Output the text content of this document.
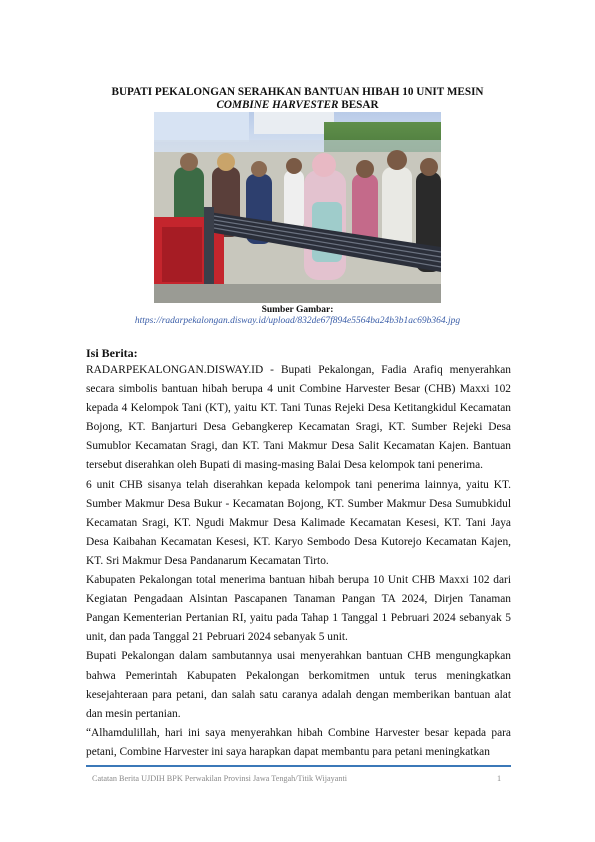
BUPATI PEKALONGAN SERAHKAN BANTUAN HIBAH 10 UNIT MESIN
COMBINE HARVESTER BESAR
Sumber Gambar:
https://radarpekalongan.disway.id/upload/832de67f894e5564ba24b3b1ac69b364.jpg
Isi Berita:

RADARPEKALONGAN.DISWAY.ID - Bupati Pekalongan, Fadia Arafiq menyerahkan secara simbolis bantuan hibah berupa 4 unit Combine Harvester Besar (CHB) Maxxi 102 kepada 4 Kelompok Tani (KT), yaitu KT. Tani Tunas Rejeki Desa Ketitangkidul Kecamatan Bojong, KT. Banjarturi Desa Gebangkerep Kecamatan Sragi, KT. Sumber Rejeki Desa Sumublor Kecamatan Sragi, dan KT. Tani Makmur Desa Salit Kecamatan Kajen. Bantuan tersebut diserahkan oleh Bupati di masing-masing Balai Desa kelompok tani penerima.

6 unit CHB sisanya telah diserahkan kepada kelompok tani penerima lainnya, yaitu KT. Sumber Makmur Desa Bukur - Kecamatan Bojong, KT. Sumber Makmur Desa Sumubkidul Kecamatan Sragi, KT. Ngudi Makmur Desa Kalimade Kecamatan Kesesi, KT. Tani Jaya Desa Kaibahan Kecamatan Kesesi, KT. Karyo Sembodo Desa Kutorejo Kecamatan Kajen, KT. Sri Makmur Desa Pandanarum Kecamatan Tirto.

Kabupaten Pekalongan total menerima bantuan hibah berupa 10 Unit CHB Maxxi 102 dari Kegiatan Pengadaan Alsintan Pascapanen Tanaman Pangan TA 2024, Dirjen Tanaman Pangan Kementerian Pertanian RI, yaitu pada Tahap 1 Tanggal 1 Pebruari 2024 sebanyak 5 unit, dan pada Tanggal 21 Pebruari 2024 sebanyak 5 unit.

Bupati Pekalongan dalam sambutannya usai menyerahkan bantuan CHB mengungkapkan bahwa Pemerintah Kabupaten Pekalongan berkomitmen untuk terus meningkatkan kesejahteraan para petani, dan salah satu caranya adalah dengan memberikan bantuan alat dan mesin pertanian.

“Alhamdulillah, hari ini saya menyerahkan hibah Combine Harvester besar kepada para petani, Combine Harvester ini saya harapkan dapat membantu para petani meningkatkan

Catatan Berita UJDIH BPK Perwakilan Provinsi Jawa Tengah/Titik Wijayanti	1
